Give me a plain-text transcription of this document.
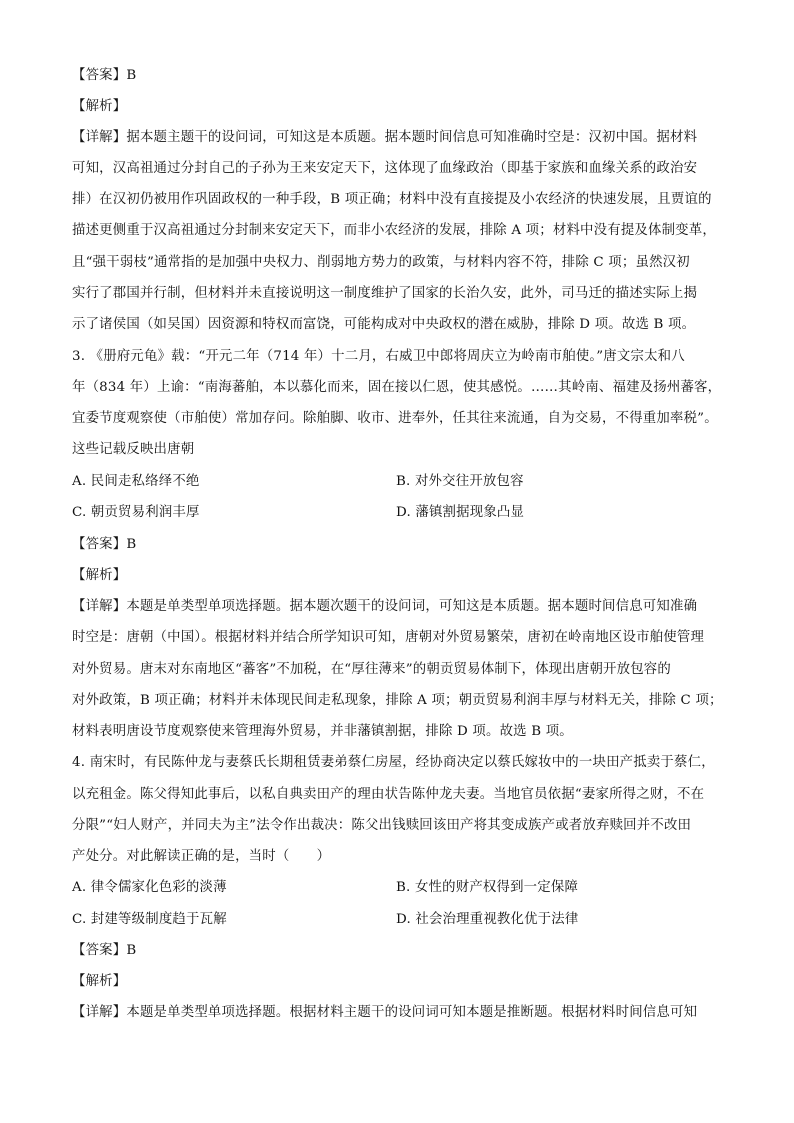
【答案】B
【解析】
【详解】据本题主题干的设问词，可知这是本质题。据本题时间信息可知准确时空是：汉初中国。据材料
可知，汉高祖通过分封自己的子孙为王来安定天下，这体现了血缘政治（即基于家族和血缘关系的政治安
排）在汉初仍被用作巩固政权的一种手段，B 项正确；材料中没有直接提及小农经济的快速发展，且贾谊的
描述更侧重于汉高祖通过分封制来安定天下，而非小农经济的发展，排除 A 项；材料中没有提及体制变革，
且“强干弱枝”通常指的是加强中央权力、削弱地方势力的政策，与材料内容不符，排除 C 项；虽然汉初
实行了郡国并行制，但材料并未直接说明这一制度维护了国家的长治久安，此外，司马迁的描述实际上揭
示了诸侯国（如吴国）因资源和特权而富饶，可能构成对中央政权的潜在威胁，排除 D 项。故选 B 项。
3. 《册府元龟》载：“开元二年（714 年）十二月，右威卫中郎将周庆立为岭南市舶使。”唐文宗太和八
年（834 年）上谕：“南海蕃舶，本以慕化而来，固在接以仁恩，使其感悦。……其岭南、福建及扬州蕃客，
宜委节度观察使（市舶使）常加存问。除舶脚、收市、进奉外，任其往来流通，自为交易，不得重加率税”。
这些记载反映出唐朝
A. 民间走私络绎不绝	B. 对外交往开放包容
C. 朝贡贸易利润丰厚	D. 藩镇割据现象凸显
【答案】B
【解析】
【详解】本题是单类型单项选择题。据本题次题干的设问词，可知这是本质题。据本题时间信息可知准确
时空是：唐朝（中国）。根据材料并结合所学知识可知，唐朝对外贸易繁荣，唐初在岭南地区设市舶使管理
对外贸易。唐末对东南地区“蕃客”不加税，在“厚往薄来”的朝贡贸易体制下，体现出唐朝开放包容的
对外政策，B 项正确；材料并未体现民间走私现象，排除 A 项；朝贡贸易利润丰厚与材料无关，排除 C 项；
材料表明唐设节度观察使来管理海外贸易，并非藩镇割据，排除 D 项。故选 B 项。
4. 南宋时，有民陈仲龙与妻蔡氏长期租赁妻弟蔡仁房屋，经协商决定以蔡氏嫁妆中的一块田产抵卖于蔡仁，
以充租金。陈父得知此事后，以私自典卖田产的理由状告陈仲龙夫妻。当地官员依据“妻家所得之财，不在
分限”“妇人财产，并同夫为主”法令作出裁决：陈父出钱赎回该田产将其变成族产或者放弃赎回并不改田
产处分。对此解读正确的是，当时（　　）
A. 律令儒家化色彩的淡薄	B. 女性的财产权得到一定保障
C. 封建等级制度趋于瓦解	D. 社会治理重视教化优于法律
【答案】B
【解析】
【详解】本题是单类型单项选择题。根据材料主题干的设问词可知本题是推断题。根据材料时间信息可知
